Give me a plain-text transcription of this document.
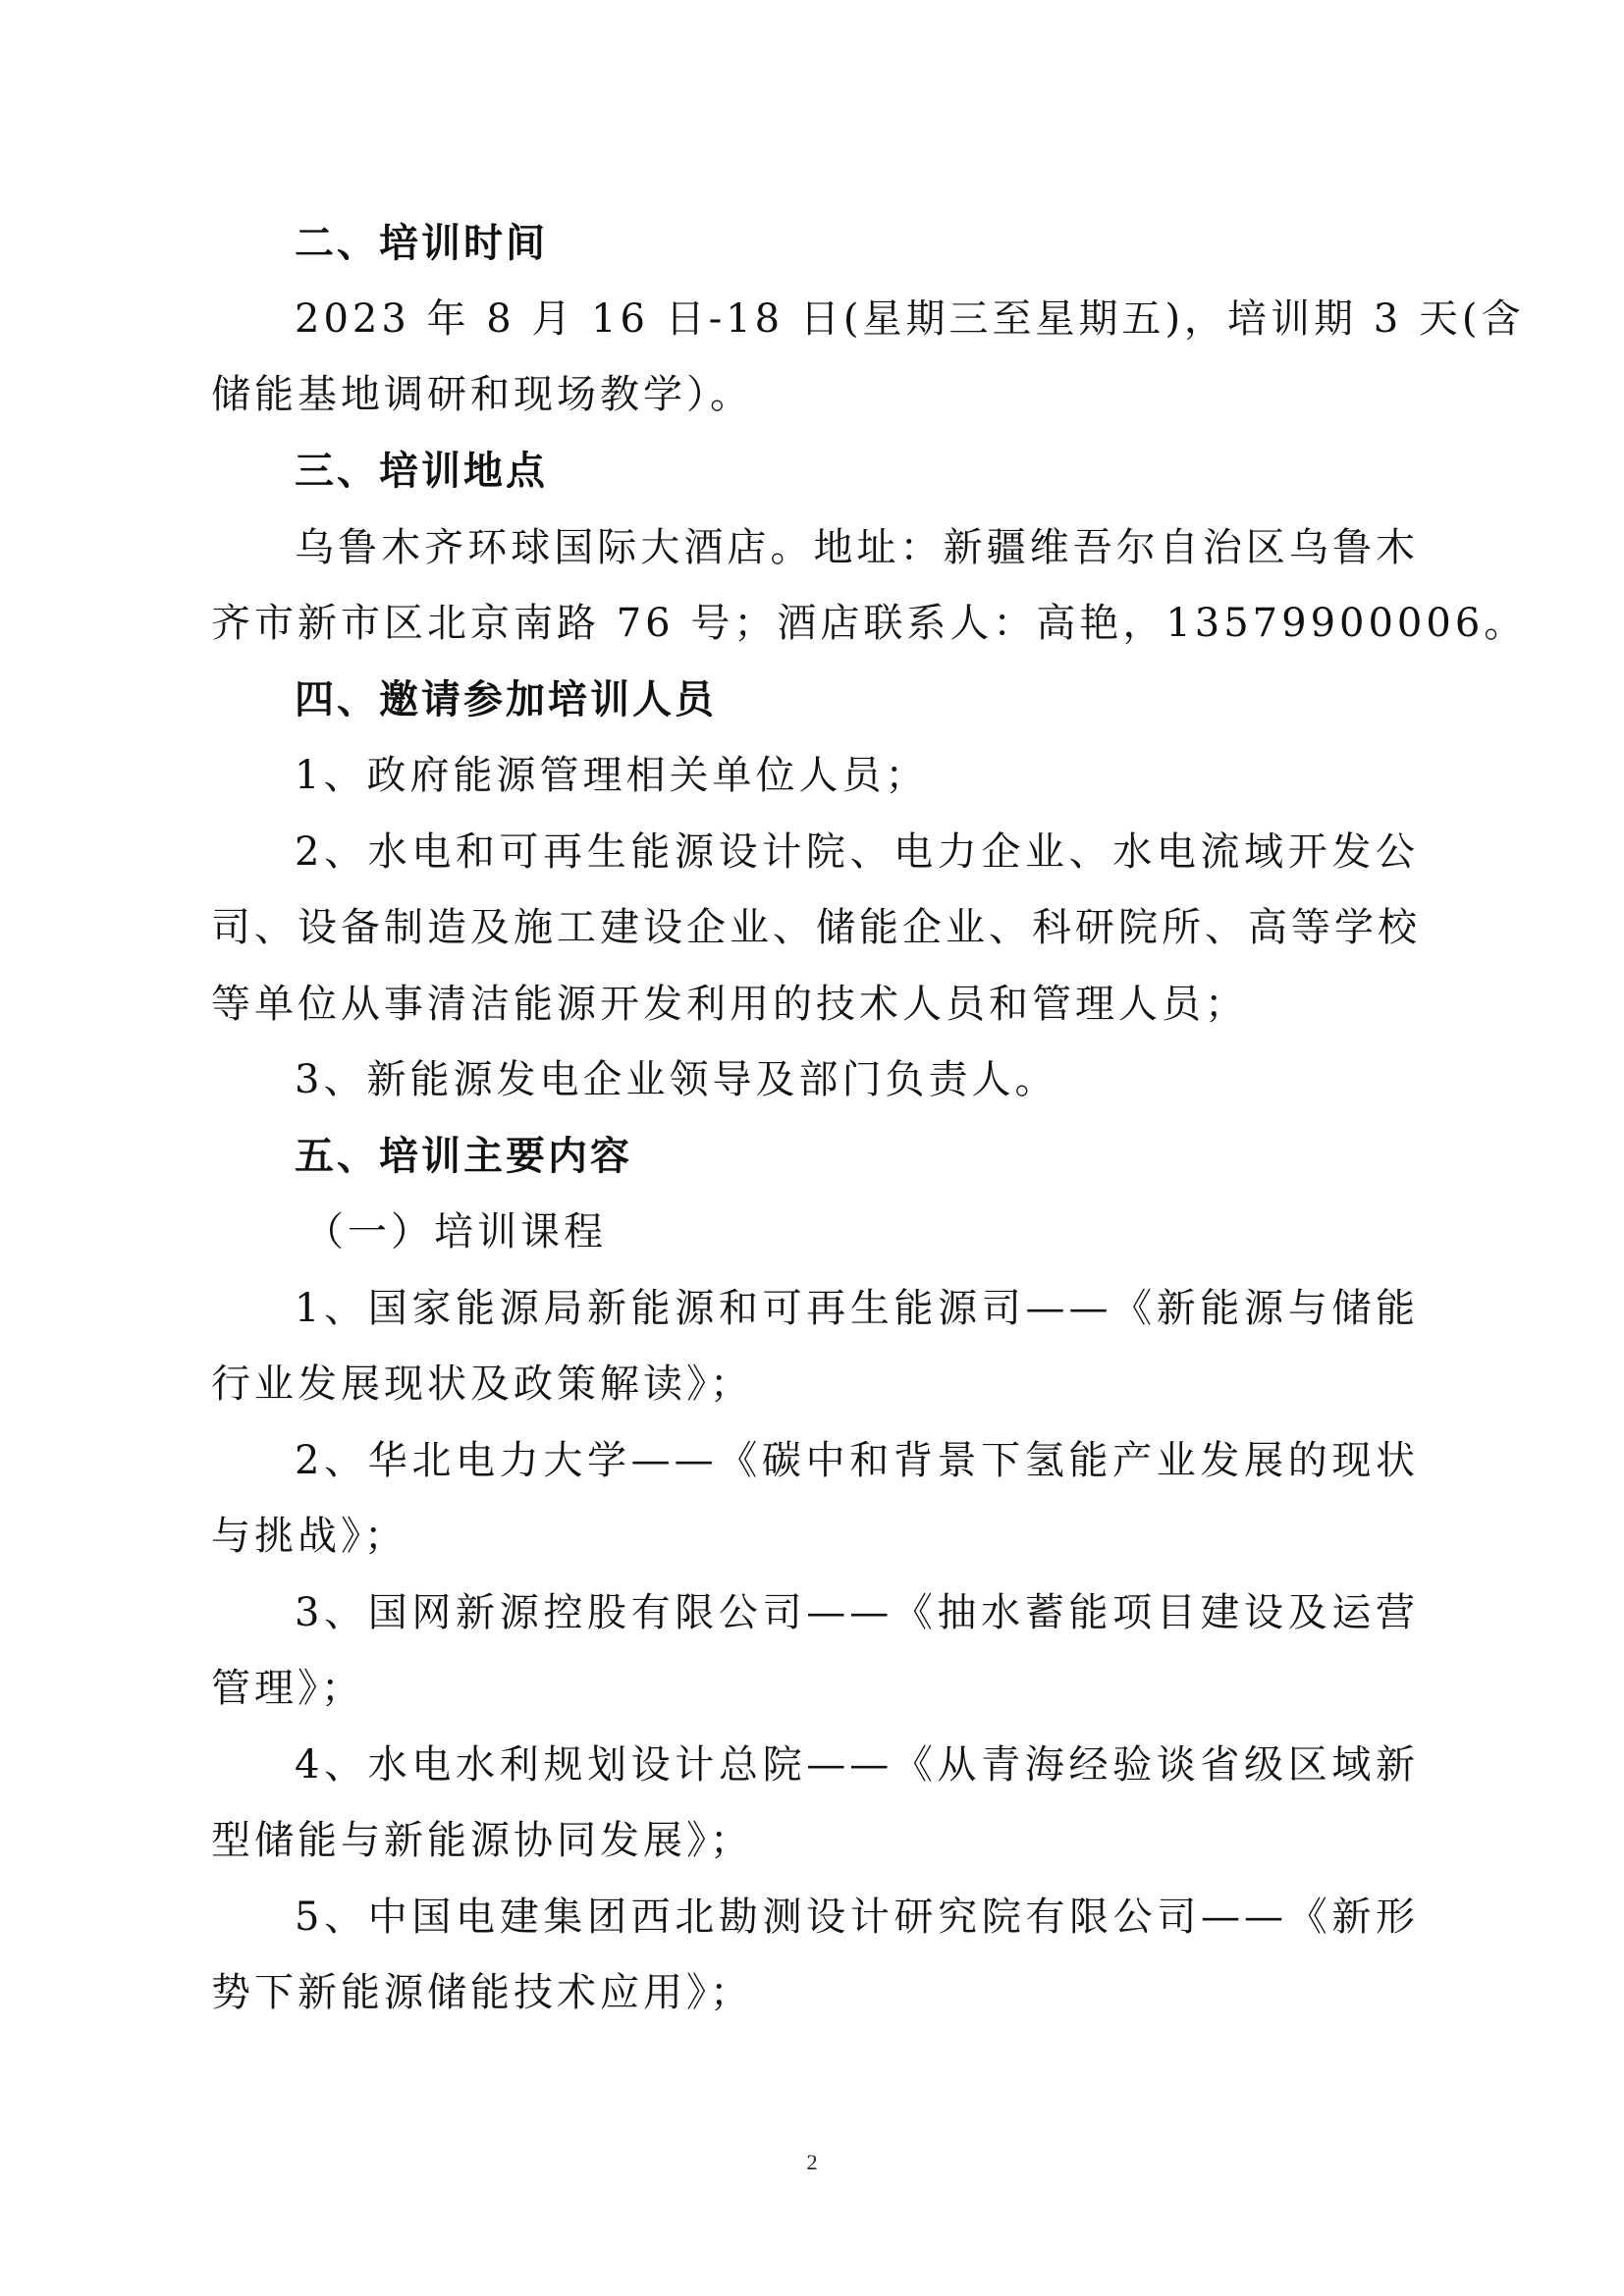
二、培训时间
2023 年 8 月 16 日-18 日(星期三至星期五)，培训期 3 天(含
储能基地调研和现场教学）。
三、培训地点
乌鲁木齐环球国际大酒店。地址：新疆维吾尔自治区乌鲁木
齐市新市区北京南路 76 号；酒店联系人：高艳，13579900006。
四、邀请参加培训人员
1、政府能源管理相关单位人员；
2、水电和可再生能源设计院、电力企业、水电流域开发公
司、设备制造及施工建设企业、储能企业、科研院所、高等学校
等单位从事清洁能源开发利用的技术人员和管理人员；
3、新能源发电企业领导及部门负责人。
五、培训主要内容
（一）培训课程
1、国家能源局新能源和可再生能源司——《新能源与储能
行业发展现状及政策解读》；
2、华北电力大学——《碳中和背景下氢能产业发展的现状
与挑战》；
3、国网新源控股有限公司——《抽水蓄能项目建设及运营
管理》；
4、水电水利规划设计总院——《从青海经验谈省级区域新
型储能与新能源协同发展》；
5、中国电建集团西北勘测设计研究院有限公司——《新形
势下新能源储能技术应用》；
2
